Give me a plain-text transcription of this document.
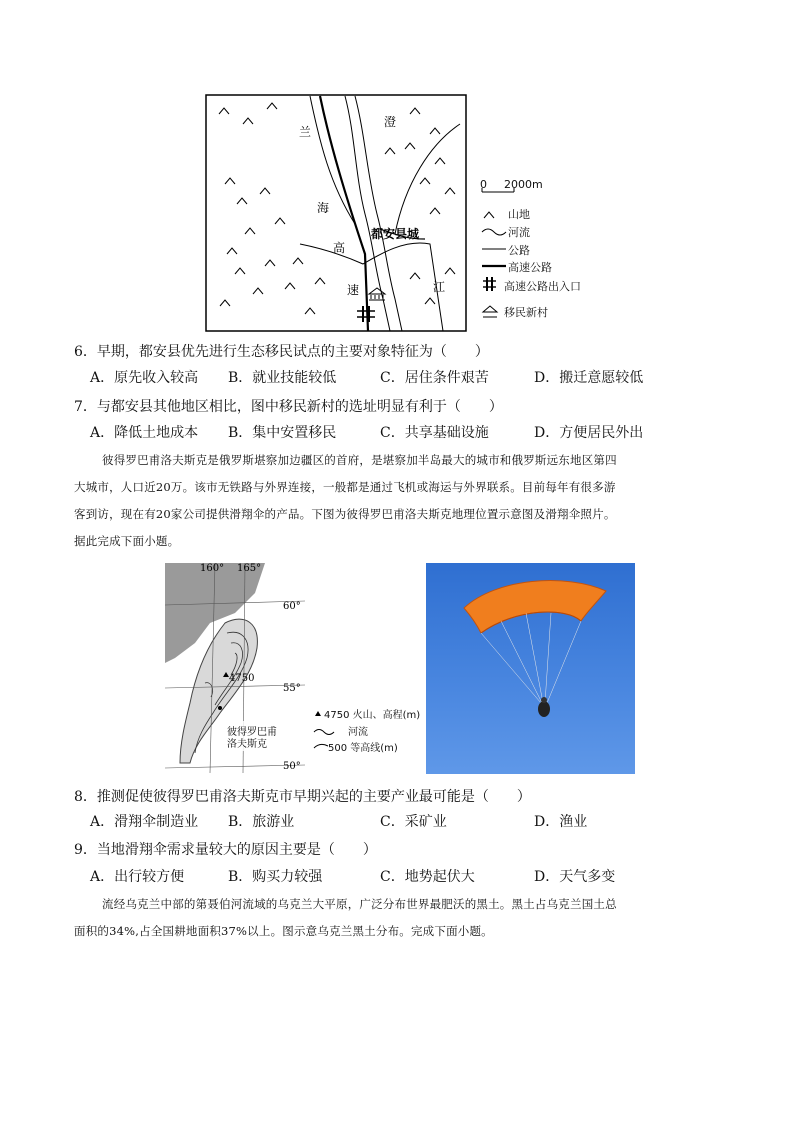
兰
海
高
速
澄
江
都安县城
0 2000m
山地
河流
公路
高速公路
高速公路出入口
移民新村
6．早期，都安县优先进行生态移民试点的主要对象特征为（　　）
A．原先收入较高 B．就业技能较低	C．居住条件艰苦	D．搬迁意愿较低
7．与都安县其他地区相比，图中移民新村的选址明显有利于（　　）
A．降低土地成本 B．集中安置移民	C．共享基础设施	D．方便居民外出
彼得罗巴甫洛夫斯克是俄罗斯堪察加边疆区的首府，是堪察加半岛最大的城市和俄罗斯远东地区第四
大城市，人口近20万。该市无铁路与外界连接，一般都是通过飞机或海运与外界联系。目前每年有很多游
客到访，现在有20家公司提供滑翔伞的产品。下图为彼得罗巴甫洛夫斯克地理位置示意图及滑翔伞照片。
据此完成下面小题。
160° 165°
60°
55°
50°
4750
彼得罗巴甫
洛夫斯克
4750 火山、高程(m)
河流
500 等高线(m)
8．推测促使彼得罗巴甫洛夫斯克市早期兴起的主要产业最可能是（　　）
A．滑翔伞制造业 B．旅游业	C．采矿业	D．渔业
9．当地滑翔伞需求量较大的原因主要是（　　）
A．出行较方便	B．购买力较强	C．地势起伏大	D．天气多变
流经乌克兰中部的第聂伯河流域的乌克兰大平原，广泛分布世界最肥沃的黑土。黑土占乌克兰国土总
面积的34%,占全国耕地面积37%以上。图示意乌克兰黑土分布。完成下面小题。
